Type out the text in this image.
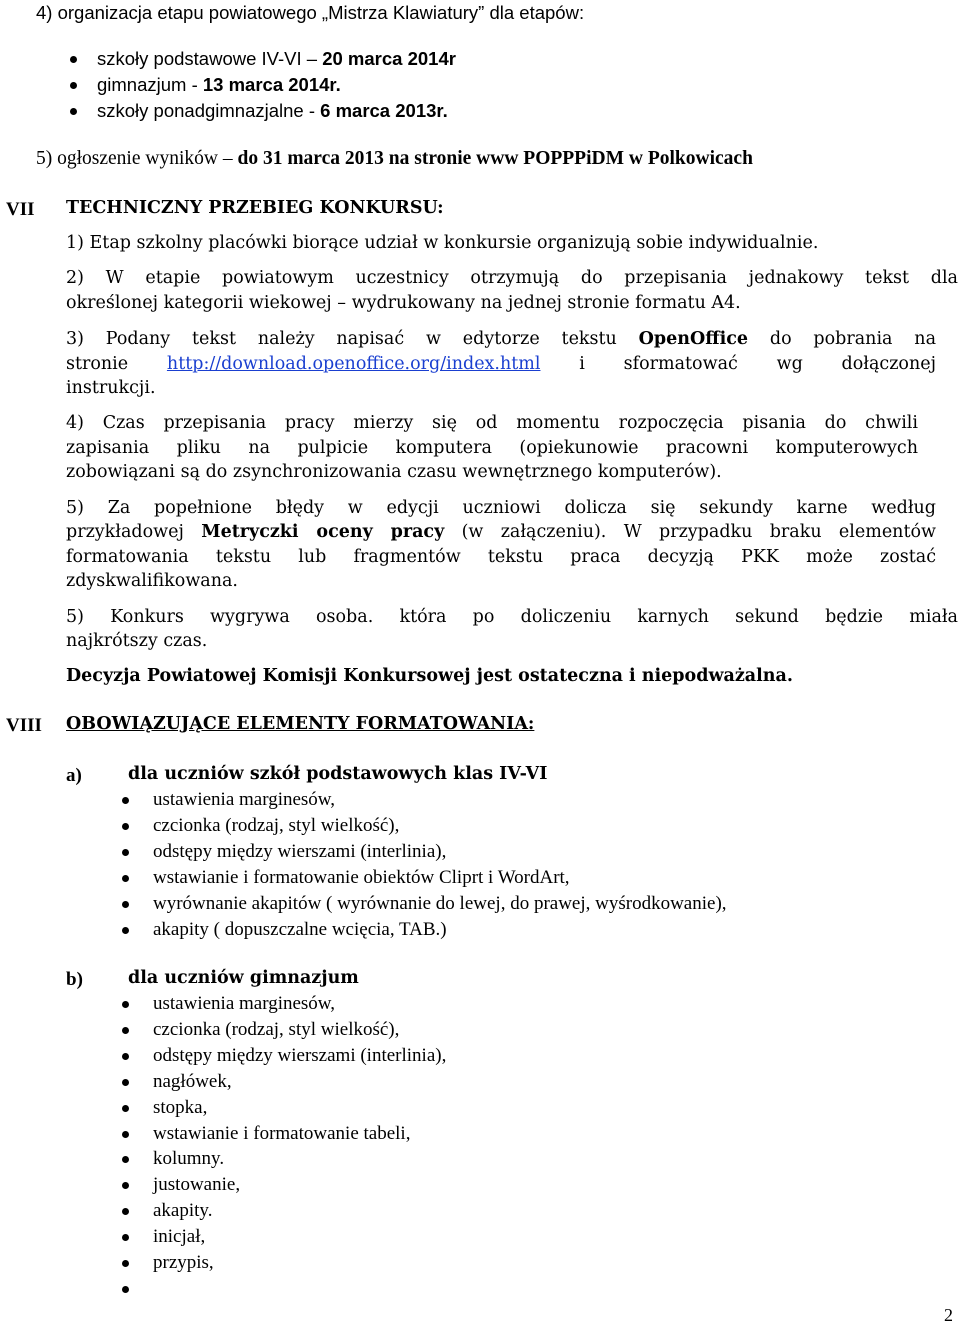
4) organizacja etapu powiatowego „Mistrza Klawiatury” dla etapów:
szkoły podstawowe IV-VI – 20 marca 2014r
gimnazjum - 13 marca 2014r.
szkoły ponadgimnazjalne - 6 marca 2013r.
5) ogłoszenie wyników – do 31 marca 2013 na stronie www POPPPiDM w Polkowicach
VII TECHNICZNY PRZEBIEG KONKURSU:
1) Etap szkolny placówki biorące udział w konkursie organizują sobie indywidualnie.
2) W etapie powiatowym uczestnicy otrzymują do przepisania jednakowy tekst dla
określonej kategorii wiekowej – wydrukowany na jednej stronie formatu A4.
3) Podany tekst należy napisać w edytorze tekstu OpenOffice do pobrania na
stronie http://download.openoffice.org/index.html i sformatować wg dołączonej
instrukcji.
4) Czas przepisania pracy mierzy się od momentu rozpoczęcia pisania do chwili
zapisania pliku na pulpicie komputera (opiekunowie pracowni komputerowych
zobowiązani są do zsynchronizowania czasu wewnętrznego komputerów).
5) Za popełnione błędy w edycji uczniowi dolicza się sekundy karne według
przykładowej Metryczki oceny pracy (w załączeniu). W przypadku braku elementów
formatowania tekstu lub fragmentów tekstu praca decyzją PKK może zostać
zdyskwalifikowana.
5) Konkurs wygrywa osoba. która po doliczeniu karnych sekund będzie miała
najkrótszy czas.
Decyzja Powiatowej Komisji Konkursowej jest ostateczna i niepodważalna.
VIII OBOWIĄZUJĄCE ELEMENTY FORMATOWANIA:
a)	dla uczniów szkół podstawowych klas IV-VI
ustawienia marginesów,
czcionka (rodzaj, styl wielkość),
odstępy między wierszami (interlinia),
wstawianie i formatowanie obiektów Cliprt i WordArt,
wyrównanie akapitów ( wyrównanie do lewej, do prawej, wyśrodkowanie),
akapity ( dopuszczalne wcięcia, TAB.)
b)	dla uczniów gimnazjum
ustawienia marginesów,
czcionka (rodzaj, styl wielkość),
odstępy między wierszami (interlinia),
nagłówek,
stopka,
wstawianie i formatowanie tabeli,
kolumny.
justowanie,
akapity.
inicjał,
przypis,
2
